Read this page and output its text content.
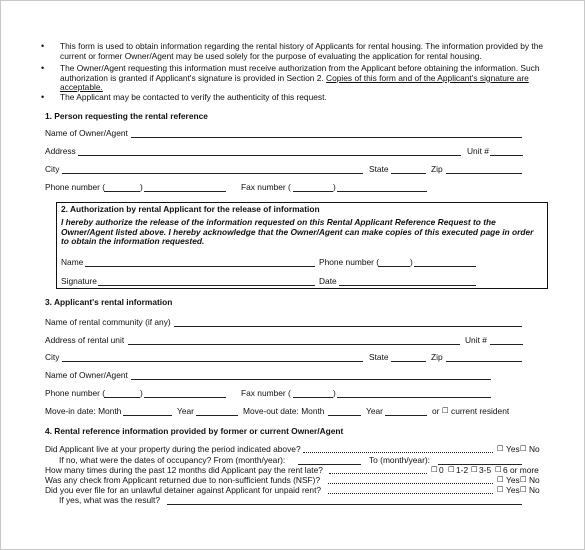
• This form is used to obtain information regarding the rental history of Applicants for rental housing. The information provided by the current or former Owner/Agent may be used solely for the purpose of evaluating the application for rental housing.
• The Owner/Agent requesting this information must receive authorization from the Applicant before obtaining the information. Such authorization is granted if Applicant's signature is provided in Section 2. Copies of this form and of the Applicant's signature are acceptable.
• The Applicant may be contacted to verify the authenticity of this request.
1. Person requesting the rental reference
Name of Owner/Agent
Address	Unit #
City	State	Zip
Phone number (	)	Fax number (	)
2. Authorization by rental Applicant for the release of information
I hereby authorize the release of the information requested on this Rental Applicant Reference Request to the Owner/Agent listed above. I hereby acknowledge that the Owner/Agent can make copies of this executed page in order to obtain the information requested.
Name	Phone number (	)
Signature	Date
3. Applicant's rental information
Name of rental community (if any)
Address of rental unit	Unit #
City	State	Zip
Name of Owner/Agent
Phone number (	)	Fax number (	)
Move-in date: Month	Year	Move-out date: Month	Year	or ☐ current resident
4. Rental reference information provided by former or current Owner/Agent
Did Applicant live at your property during the period indicated above?	☐ Yes ☐ No
If no, what were the dates of occupancy? From (month/year):	To (month/year):
How many times during the past 12 months did Applicant pay the rent late?	☐ 0 ☐ 1-2 ☐ 3-5 ☐ 6 or more
Was any check from Applicant returned due to non-sufficient funds (NSF)?	☐ Yes ☐ No
Did you ever file for an unlawful detainer against Applicant for unpaid rent?	☐ Yes ☐ No
If yes, what was the result?
